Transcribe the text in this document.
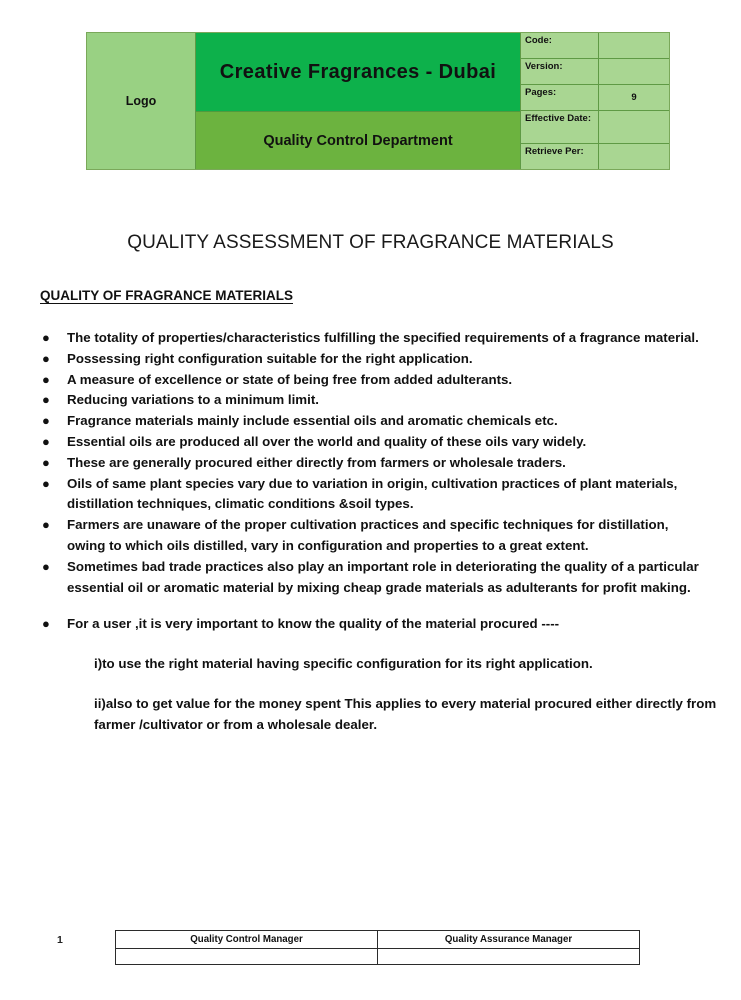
Logo
Creative Fragrances - Dubai
Quality Control Department
Code:
Version:
Pages:	9
Effective Date:
Retrieve Per:
QUALITY ASSESSMENT OF FRAGRANCE MATERIALS
QUALITY OF FRAGRANCE MATERIALS
● The totality of properties/characteristics fulfilling the specified requirements of a fragrance material.
● Possessing right configuration suitable for the right application.
● A measure of excellence or state of being free from added adulterants.
● Reducing variations to a minimum limit.
● Fragrance materials mainly include essential oils and aromatic chemicals etc.
● Essential oils are produced all over the world and quality of these oils vary widely.
● These are generally procured either directly from farmers or wholesale traders.
● Oils of same plant species vary due to variation in origin, cultivation practices of plant materials, distillation techniques, climatic conditions &soil types.
● Farmers are unaware of the proper cultivation practices and specific techniques for distillation, owing to which oils distilled, vary in configuration and properties to a great extent.
● Sometimes bad trade practices also play an important role in deteriorating the quality of a particular essential oil or aromatic material by mixing cheap grade materials as adulterants for profit making.
● For a user ,it is very important to know the quality of the material procured ----
i)to use the right material having specific configuration for its right application.
ii)also to get value for the money spent This applies to every material procured either directly from farmer /cultivator or from a wholesale dealer.
1	Quality Control Manager	Quality Assurance Manager
